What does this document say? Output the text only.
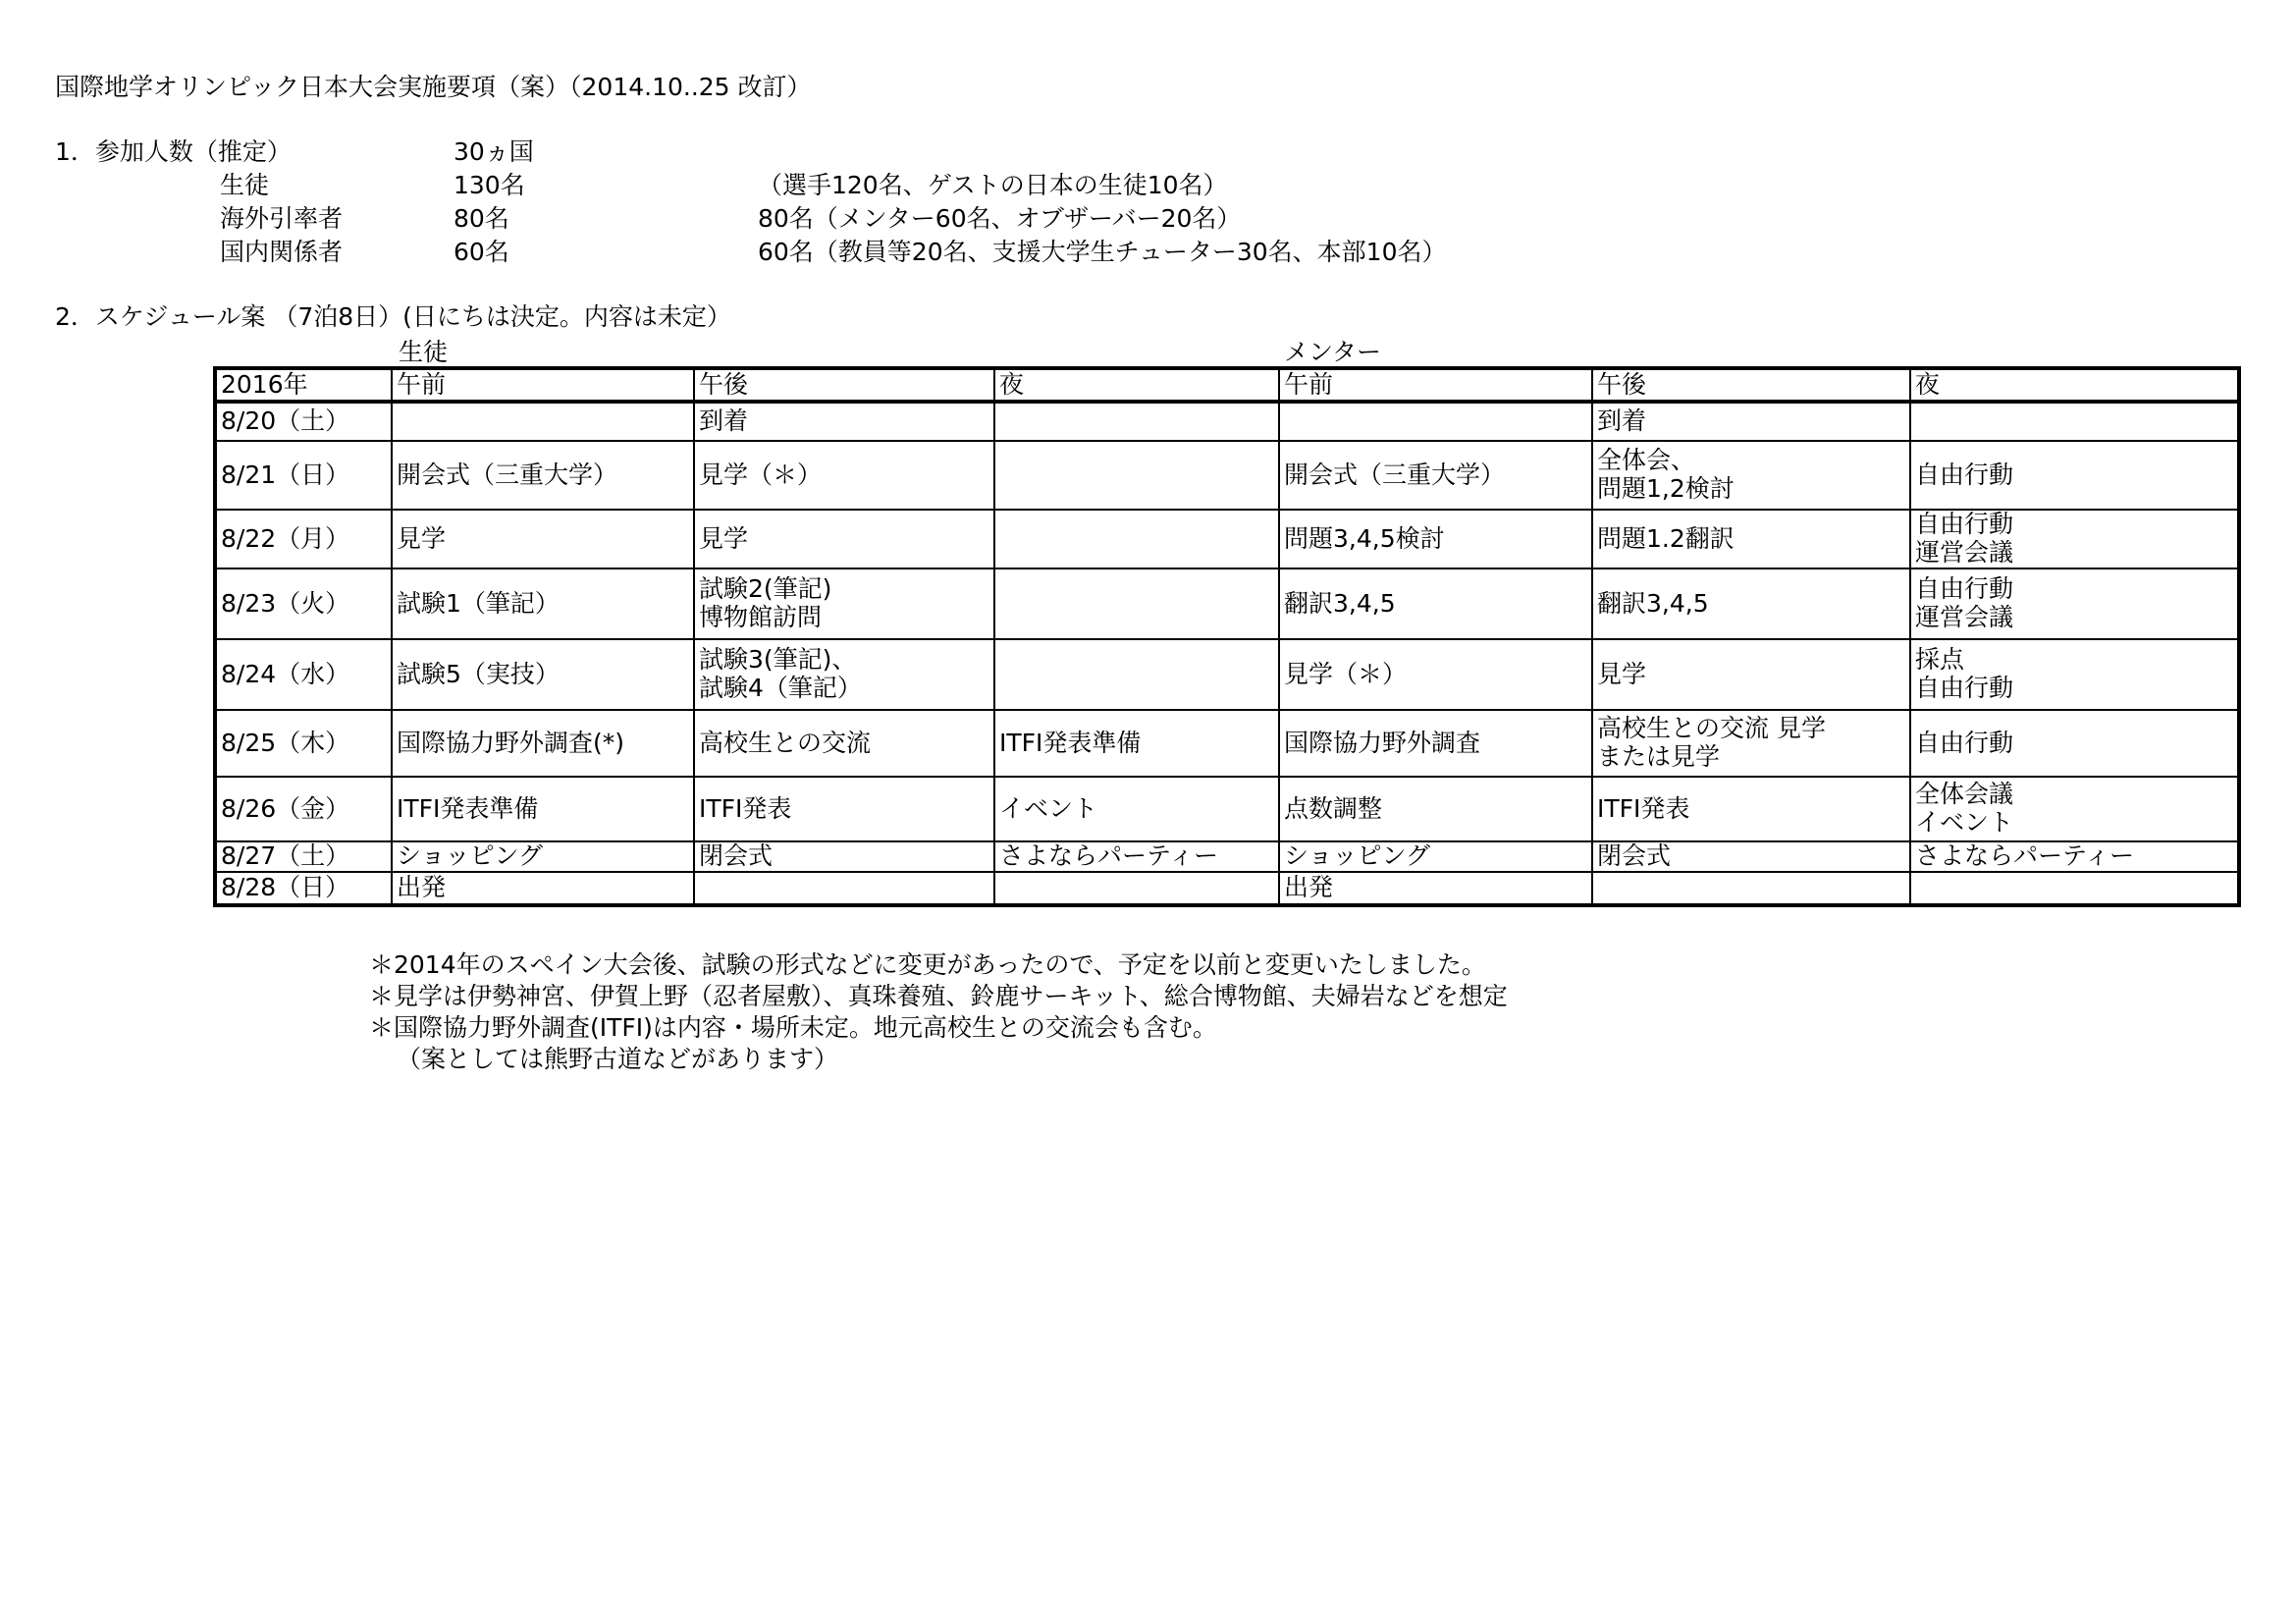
国際地学オリンピック日本大会実施要項（案）（2014.10..25 改訂）
1．参加人数（推定）	30ヵ国
生徒	130名	（選手120名、ゲストの日本の生徒10名）
海外引率者	80名	80名（メンター60名、オブザーバー20名）
国内関係者	60名	60名（教員等20名、支援大学生チューター30名、本部10名）
2．スケジュール案 （7泊8日）(日にちは決定。内容は未定）
生徒	メンター
2016年	午前	午後	夜	午前	午後	夜

8/20（土）		到着			到着	

8/21（日）	開会式（三重大学）	見学（＊）		開会式（三重大学）	全体会、
問題1,2検討	自由行動

8/22（月）	見学	見学		問題3,4,5検討	問題1.2翻訳	自由行動
運営会議

8/23（火）	試験1（筆記）	試験2(筆記)
博物館訪問		翻訳3,4,5	翻訳3,4,5	自由行動
運営会議

8/24（水）	試験5（実技）	試験3(筆記)、
試験4（筆記）		見学（＊）	見学	採点
自由行動

8/25（木）	国際協力野外調査(*)	高校生との交流	ITFI発表準備	国際協力野外調査	高校生との交流 見学
または見学	自由行動

8/26（金）	ITFI発表準備	ITFI発表	イベント	点数調整	ITFI発表	全体会議
イベント

8/27（土）	ショッピング	閉会式	さよならパーティー	ショッピング	閉会式	さよならパーティー

8/28（日）	出発			出発		

＊2014年のスペイン大会後、試験の形式などに変更があったので、予定を以前と変更いたしました。
＊見学は伊勢神宮、伊賀上野（忍者屋敷）、真珠養殖、鈴鹿サーキット、総合博物館、夫婦岩などを想定
＊国際協力野外調査(ITFI)は内容・場所未定。地元高校生との交流会も含む。
（案としては熊野古道などがあります）
